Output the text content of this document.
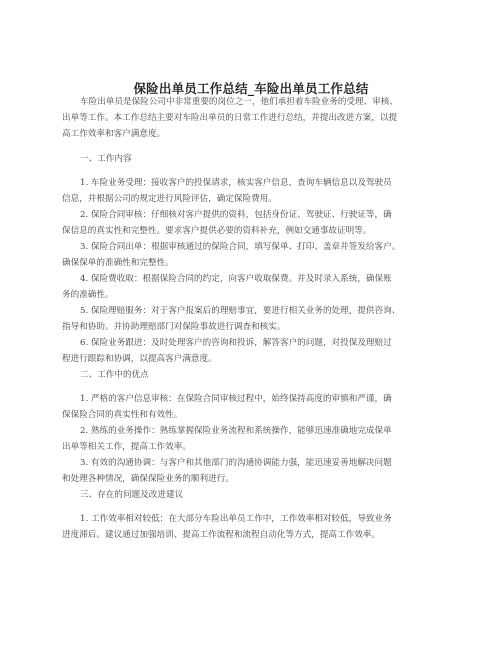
保险出单员工作总结_车险出单员工作总结
车险出单员是保险公司中非常重要的岗位之一，他们承担着车险业务的受理、审核、
出单等工作。本工作总结主要对车险出单员的日常工作进行总结，并提出改进方案，以提
高工作效率和客户满意度。
一、工作内容
1. 车险业务受理：接收客户的投保请求，核实客户信息，查询车辆信息以及驾驶员
信息，并根据公司的规定进行风险评估，确定保险费用。
2. 保险合同审核：仔细核对客户提供的资料，包括身份证、驾驶证、行驶证等，确
保信息的真实性和完整性。要求客户提供必要的资料补充，例如交通事故证明等。
3. 保险合同出单：根据审核通过的保险合同，填写保单、打印、盖章并签发给客户。
确保保单的准确性和完整性。
4. 保险费收取：根据保险合同的约定，向客户收取保费。并及时录入系统，确保账
务的准确性。
5. 保险理赔服务：对于客户报案后的理赔事宜，要进行相关业务的处理，提供咨询、
指导和协助。并协助理赔部门对保险事故进行调查和核实。
6. 保险业务跟进：及时处理客户的咨询和投诉，解答客户的问题，对投保及理赔过
程进行跟踪和协调，以提高客户满意度。
二、工作中的优点
1. 严格的客户信息审核：在保险合同审核过程中，始终保持高度的审慎和严谨，确
保保险合同的真实性和有效性。
2. 熟练的业务操作：熟练掌握保险业务流程和系统操作，能够迅速准确地完成保单
出单等相关工作，提高工作效率。
3. 有效的沟通协调：与客户和其他部门的沟通协调能力强，能迅速妥善地解决问题
和处理各种情况，确保保险业务的顺利进行。
三、存在的问题及改进建议
1. 工作效率相对较低：在大部分车险出单员工作中，工作效率相对较低，导致业务
进度滞后。建议通过加强培训、提高工作流程和流程自动化等方式，提高工作效率。
